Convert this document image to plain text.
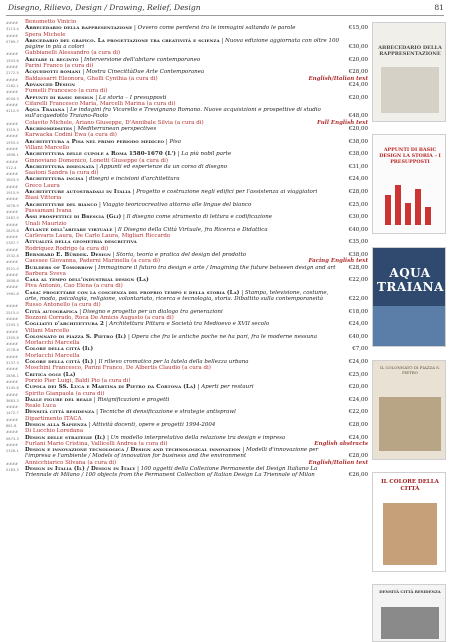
Disegno, Rilievo, Design / Drawing, Relief, Design	81
####	Benometto Vinicio
3113-4	Abbecedario della rappresentazione | Ovvero come perdersi tra le immagini saltando le parole	€15,00
####	Spera Michele
0769-7	Abecedario del grafico. La progettazione tra creatività e scienza | Nuova edizione aggiornata con oltre 100 pagine in più a colori	€30,00
####	Gabbianelli Alessandro (a cura di)
1503-8	Abitare il recinto | Interversione dell'abitare contemporaneo	€20,00
####	Parini Franco (a cura di)
2172-5	Acquedotti romani | Mostra CinecittàDue Arte Contemporanea	€28,00
####	Baldassarri Eleonora, Ghelli Cynthia (a cura di)	English/Italian text
2282-1	Advanced Design	€24,00
####	Fumelli Francesco (a cura di)
4044-3	Appunti di basic design | La storia – I presupposti	€20,00
####	Cifarelli Francesco Maria, Marcelli Marina (a cura di)
4112-9	Aqua Traiana | Le indagini fra Vicarello e Trevignano Romano. Nuove acquisizioni e prospettive di studio sull'acquedotto Traiano-Paolo	€48,00
####	Colavito Michele, Ariano Giuseppe, D'Annibale Silvia (a cura di)	Full English text
3319-3	Archeomedsites | Mediterranean perspectives	€20,00
####	Karwacka Codini Ewa (a cura di)
1955-5	Architettura a Pisa nel primo periodo mediceo | Pisa	€38,00
####	Villani Marcello
1698-1	Architettura delle cupole a Roma 1580-1670 (L') | La più nobil parte	€38,00
####	Ginnoviano Domenico, Lonetti Giuseppe (a cura di)
512-4	Architettura disegnata | Appunti ed esperienze da un corso di disegno	€31,00
####	Saatoni Sandra (a cura di)
1803-9	Architettura incisa | disegni e incisioni d'architettura	€24,00
####	Greco Laura
1915-9	Architetture autostradali in Italia | Progetto e costruzione negli edifici per l'assistenza ai viaggiatori	€28,00
####	Biasi Vittoria
1678-9	Architetture del bianco | Viaggio teoricocreativo attorno alle lingue del bianco	€25,00
####	Passamani Ivana
2487-0	Assi prospettici di Brescia (Gli) | Il disegno come strumento di lettura e codificazione	€30,00
####	Unali Maurizio
2829-8	Atlante dell'abitare virtuale | Il Disegno della Città Virtuale, fra Ricerca e Didattica	€40,00
####	Carlevaris Laura, De Carlo Laura, Migliari Riccardo
2307-7	Attualità della geometria descrittiva	€35,00
####	Rodriquez Rodrigo (a cura di)
1532-8	Bernhard E. Bürdek. Design | Storia, teoria e pratica del design del prodotto	€38,00
####	Caessee Giovanna, Paderni Marinella (a cura di)	Facing English text
3521-0	Builders of Tomorrow | Immaginare il futuro tra design e arte / Imagining the future between design and art	€28,00
####	Barbera Sveva
1808-6	Casa al tempo dell'industrial design (La)	€22,00
####	Piva Antonio, Cao Elena (a cura di)
1961-8	Casa: progettare con la coscienza del proprio tempo e della storia (La) | Stampa, televisione, costume, arte, moda, psicologia, religione, volontariato, ricerca e tecnologia, storia. Dibattito sulla contemporaneità	€22,00
####	Russo Antonello (a cura di)
2515-0	Città autografica | Disegno e progetto per un dialogo tra generazioni	€18,00
####	Bozzoni Corrado, Roca De Amicis Augusto (a cura di)
2293-3	Cogliatti d'architettura 2 | Architettura Pittura e Società tra Medioevo e XVII secolo	€24,00
####	Villani Marcello
1305-6	Colonnato di piazza S. Pietro (Il) | Opera che fra le antiche poche ne ha pari, fra le moderne nessuna	€40,00
####	Morlacchi Marcella
1578-6	Colore della città (Il)	€7,00
####	Morlacchi Marcella
3137-3	Colore della città (Il) | Il rilievo cromatico per la tutela della bellezza urbana	€24,00
####	Moschini Francesco, Parini Franco, De Albertis Claudio (a cura di)
2856-1	Critica oggi (La)	€25,00
####	Porzio Pier Luigi, Baldi Pio (a cura di)
3145-8	Cupola dei SS. Luca e Martina di Pietro da Cortona (La) | Aperti per restauri	€20,00
####	Spirito Gianpaola (a cura di)
3683-3	Dalle figure del reale | Risignificazioni e progetti	€24,00
####	Reale Luca
1472-7	Densità città residenza | Tecniche di densificazione e strategie antisprawl	€22,00
####	Dipartimento ITACA
861-8	Design alla Sapienza | Attività docenti, opere e progetti 1994-2004	€28,00
####	Di Lucchio Loredana
0673-3	Design delle strategie (Il) | Un modello interpretativo della relazione tra design e impresa	€24,00
####	Furlani Mario Cristina, Vallicelli Andrea (a cura di)	English abstracts
2326-1	Design e innovazione tecnologica / Design and technological innovation | Modelli d'innovazione per l'impresa e l'ambiente / Models of innovation for business and the environment	€28,00
####	Annicchiarico Silvana (a cura di)	English/Italian text
0183-3	Design in Italia (Il) / Design in Italy | 100 oggetti della Collezione Permanente del Design Italiano La Triennale di Milano / 100 objects from the Permanent Collection of Italian Design La Triennale of Milan	€26,00
ABBECEDARIO DELLA RAPPRESENTAZIONE
APPUNTI DI BASIC DESIGN LA STORIA – I PRESUPPOSTI
AQUA TRAIANA
IL COLONNATO DI PIAZZA S. PIETRO
IL COLORE DELLA CITTÀ
DENSITÀ CITTÀ RESIDENZA
